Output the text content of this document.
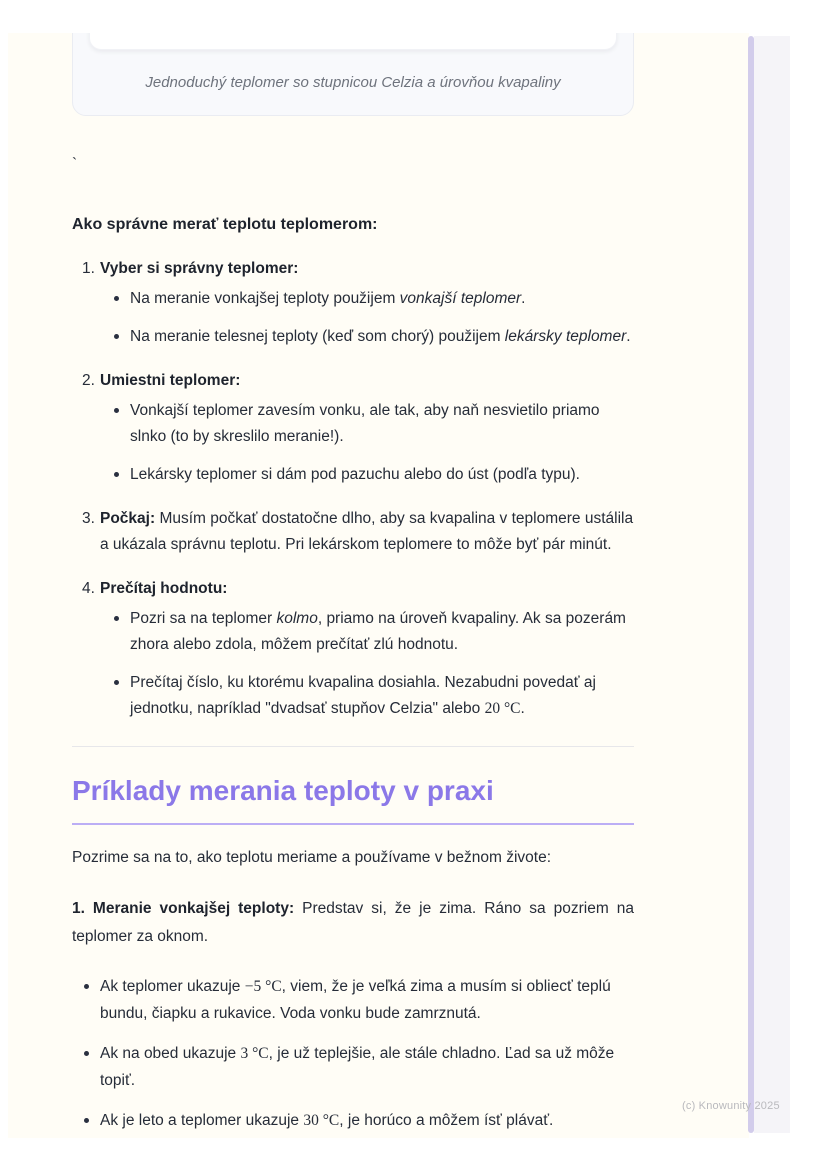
Jednoduchý teplomer so stupnicou Celzia a úrovňou kvapaliny

`

Ako správne merať teplotu teplomerom:
1. Vyber si správny teplomer:
Na meranie vonkajšej teploty použijem vonkajší teplomer.
Na meranie telesnej teploty (keď som chorý) použijem lekársky teplomer.
2. Umiestni teplomer:
Vonkajší teplomer zavesím vonku, ale tak, aby naň nesvietilo priamo slnko (to by skreslilo meranie!).
Lekársky teplomer si dám pod pazuchu alebo do úst (podľa typu).
3. Počkaj: Musím počkať dostatočne dlho, aby sa kvapalina v teplomere ustálila a ukázala správnu teplotu. Pri lekárskom teplomere to môže byť pár minút.
4. Prečítaj hodnotu:
Pozri sa na teplomer kolmo, priamo na úroveň kvapaliny. Ak sa pozerám zhora alebo zdola, môžem prečítať zlú hodnotu.
Prečítaj číslo, ku ktorému kvapalina dosiahla. Nezabudni povedať aj jednotku, napríklad "dvadsať stupňov Celzia" alebo 20 °C.
Príklady merania teploty v praxi

Pozrime sa na to, ako teplotu meriame a používame v bežnom živote:

1. Meranie vonkajšej teploty: Predstav si, že je zima. Ráno sa pozriem na teplomer za oknom.

Ak teplomer ukazuje −5 °C, viem, že je veľká zima a musím si obliecť teplú bundu, čiapku a rukavice. Voda vonku bude zamrznutá.
Ak na obed ukazuje 3 °C, je už teplejšie, ale stále chladno. Ľad sa už môže topiť.
Ak je leto a teplomer ukazuje 30 °C, je horúco a môžem ísť plávať.
(c) Knowunity 2025
